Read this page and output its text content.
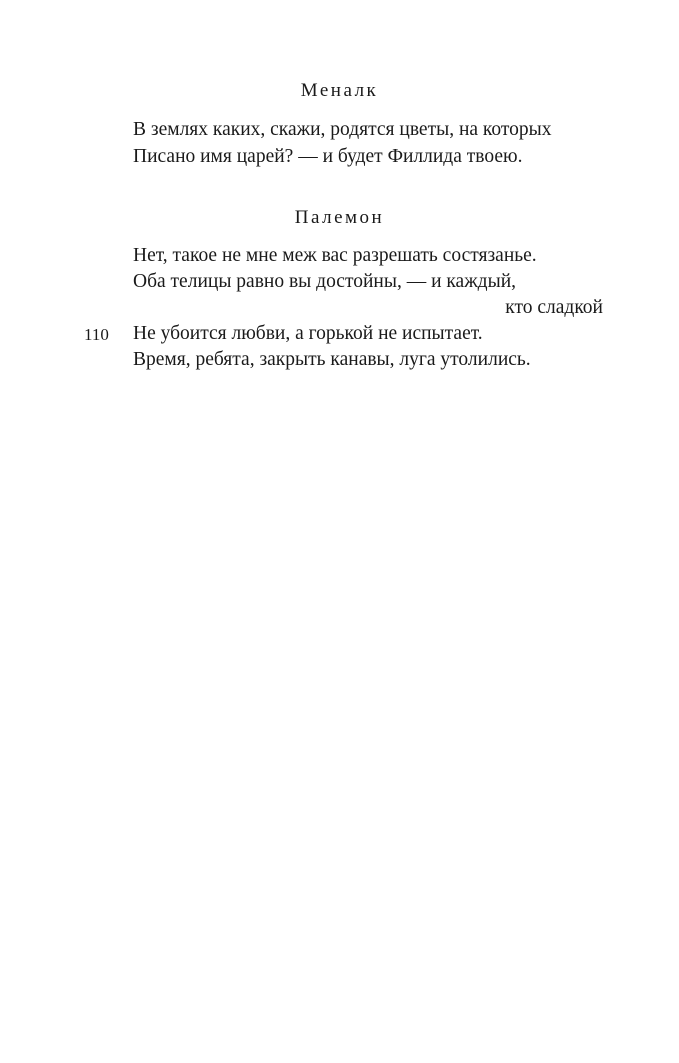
Меналк
В землях каких, скажи, родятся цветы, на которых
Писано имя царей? — и будет Филлида твоею.
Палемон
Нет, такое не мне меж вас разрешать состязанье.
Оба телицы равно вы достойны, — и каждый,
кто сладкой
110 Не убоится любви, а горькой не испытает.
Время, ребята, закрыть канавы, луга утолились.
